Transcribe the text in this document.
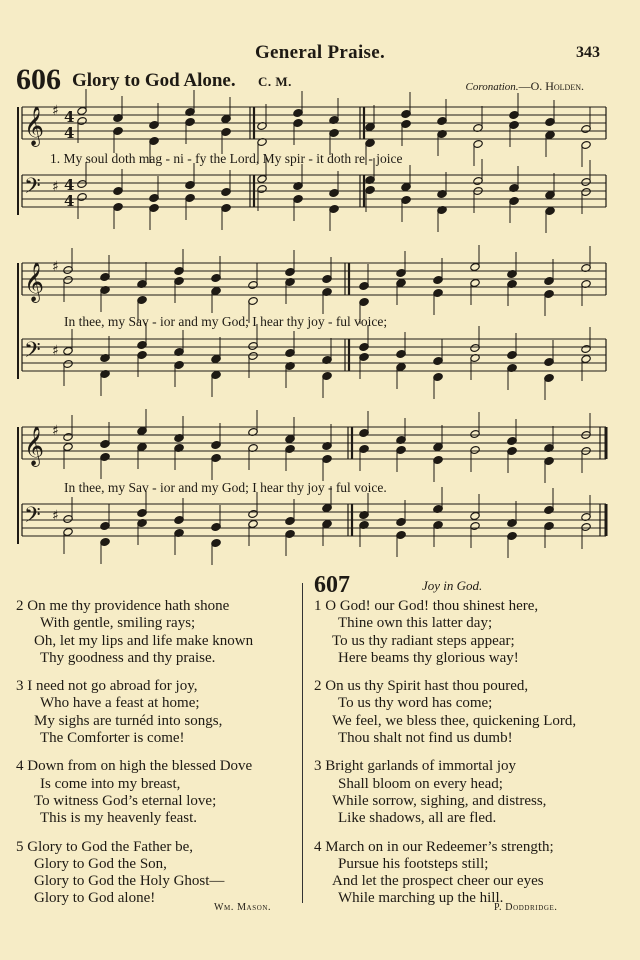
General Praise.	343
606 Glory to God Alone. C. M.	Coronation.—O. Holden.
𝄞 ♯
𝄢 ♯
4
4
4
4
𝄞 ♯
𝄢 ♯
𝄞 ♯
𝄢 ♯
1. My soul doth mag - ni - fy the Lord, My spir - it doth re - joice
In thee, my Sav - ior and my God; I hear thy joy - ful voice;
In thee, my Sav - ior and my God; I hear thy joy - ful voice.
2 On me thy providence hath shone
With gentle, smiling rays;
Oh, let my lips and life make known
Thy goodness and thy praise.
3 I need not go abroad for joy,
Who have a feast at home;
My sighs are turnéd into songs,
The Comforter is come!
4 Down from on high the blessed Dove
Is come into my breast,
To witness God’s eternal love;
This is my heavenly feast.
5 Glory to God the Father be,
Glory to God the Son,
Glory to God the Holy Ghost—
Glory to God alone!
Wm. Mason.
607	Joy in God.
1 O God! our God! thou shinest here,
Thine own this latter day;
To us thy radiant steps appear;
Here beams thy glorious way!
2 On us thy Spirit hast thou poured,
To us thy word has come;
We feel, we bless thee, quickening Lord,
Thou shalt not find us dumb!
3 Bright garlands of immortal joy
Shall bloom on every head;
While sorrow, sighing, and distress,
Like shadows, all are fled.
4 March on in our Redeemer’s strength;
Pursue his footsteps still;
And let the prospect cheer our eyes
While marching up the hill.
P. Doddridge.
